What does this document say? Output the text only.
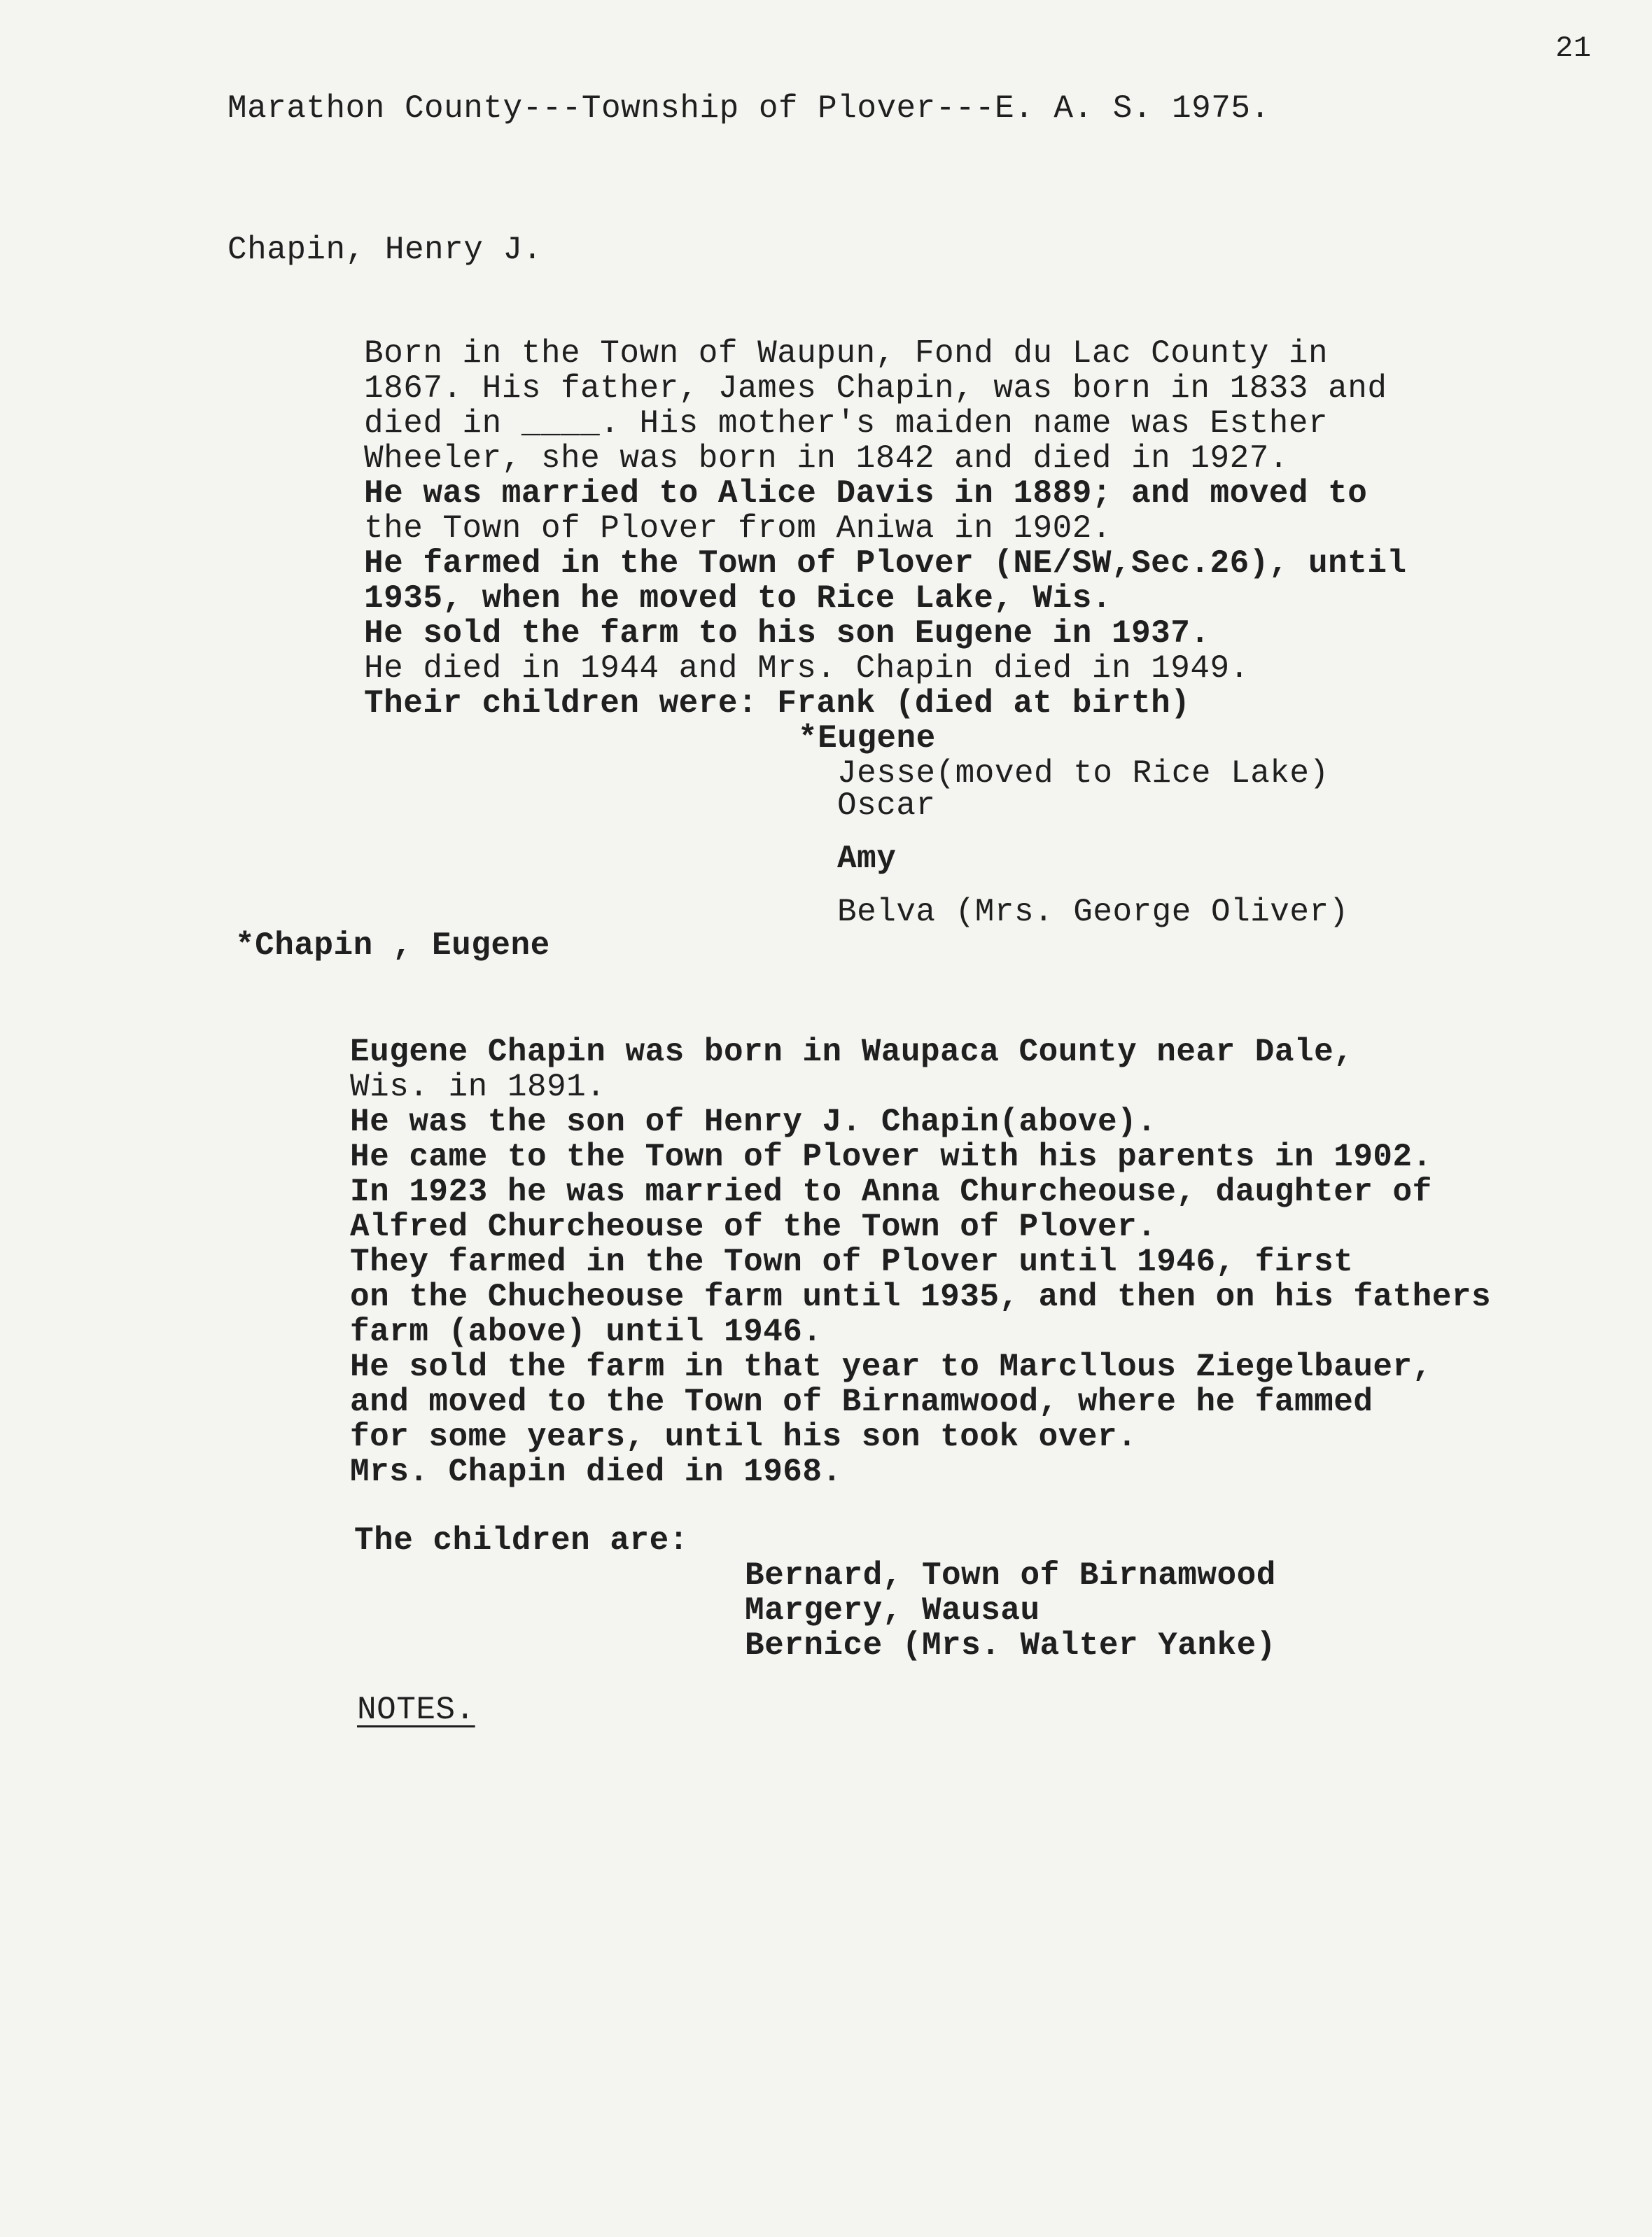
21
Marathon County---Township of Plover---E. A. S. 1975.
Chapin, Henry J.
Born in the Town of Waupun, Fond du Lac County in
1867. His father, James Chapin, was born in 1833 and
died in ____. His mother's maiden name was Esther
Wheeler, she was born in 1842 and died in 1927.
He was married to Alice Davis in 1889; and moved to
the Town of Plover from Aniwa in 1902.
He farmed in the Town of Plover (NE/SW,Sec.26), until
1935, when he moved to Rice Lake, Wis.
He sold the farm to his son Eugene in 1937.
He died in 1944 and Mrs. Chapin died in 1949.
Their children were: Frank (died at birth)
*Eugene
Jesse(moved to Rice Lake)
Oscar
Amy
Belva (Mrs. George Oliver)
*Chapin , Eugene
Eugene Chapin was born in Waupaca County near Dale,
Wis. in 1891.
He was the son of Henry J. Chapin(above).
He came to the Town of Plover with his parents in 1902.
In 1923 he was married to Anna Churcheouse, daughter of
Alfred Churcheouse of the Town of Plover.
They farmed in the Town of Plover until 1946, first
on the Chucheouse farm until 1935, and then on his fathers
farm (above) until 1946.
He sold the farm in that year to Marcllous Ziegelbauer,
and moved to the Town of Birnamwood, where he fammed
for some years, until his son took over.
Mrs. Chapin died in 1968.
The children are:
Bernard, Town of Birnamwood
Margery, Wausau
Bernice (Mrs. Walter Yanke)
NOTES.
